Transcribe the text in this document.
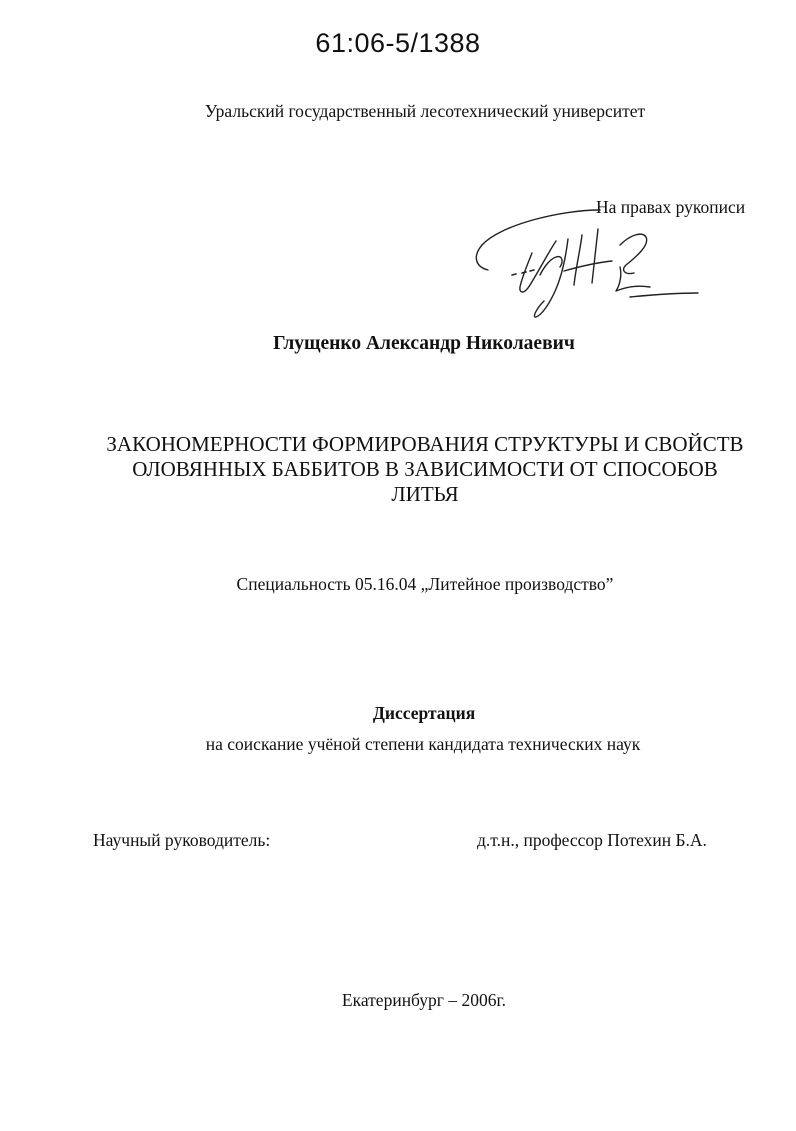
61:06-5/1388
Уральский государственный лесотехнический университет
На правах рукописи
Глущенко Александр Николаевич
ЗАКОНОМЕРНОСТИ ФОРМИРОВАНИЯ СТРУКТУРЫ И СВОЙСТВ
ОЛОВЯННЫХ БАББИТОВ В ЗАВИСИМОСТИ ОТ СПОСОБОВ
ЛИТЬЯ
Специальность 05.16.04 „Литейное производство”
Диссертация
на соискание учёной степени кандидата технических наук
Научный руководитель:	д.т.н., профессор Потехин Б.А.
Екатеринбург – 2006г.
